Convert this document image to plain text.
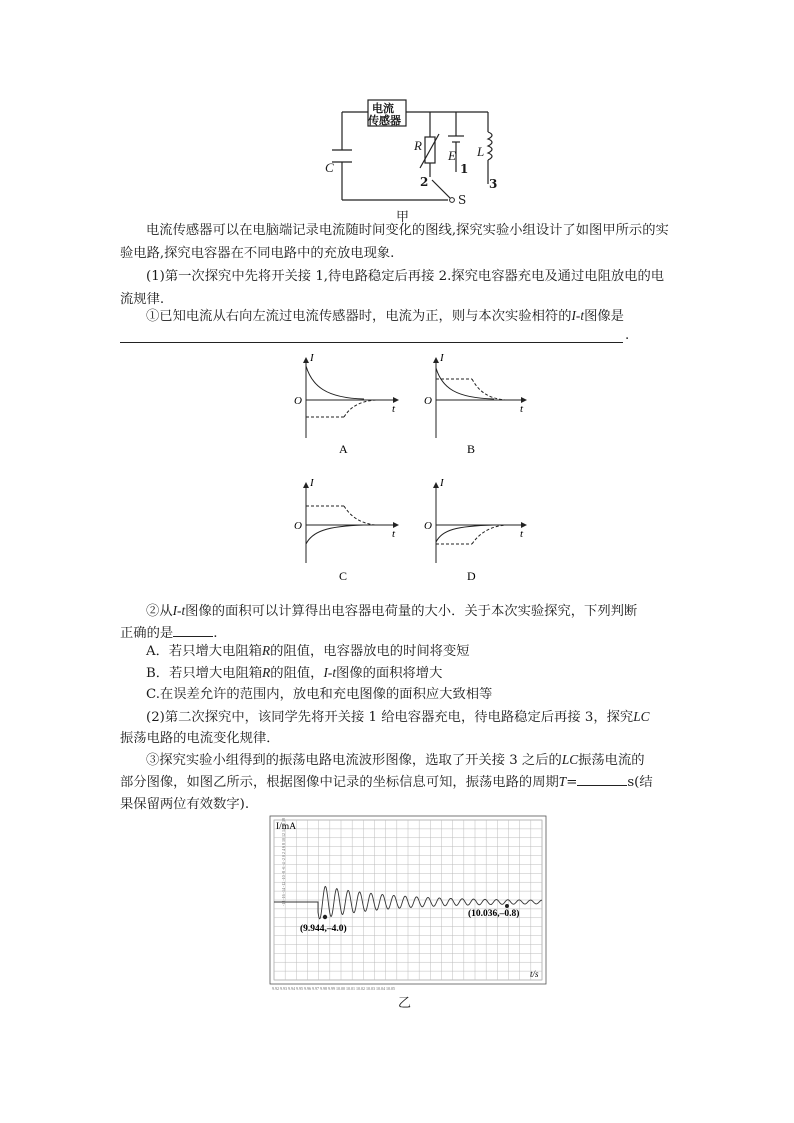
电流
传感器
C
R
E L
1
2	3
S
甲
电流传感器可以在电脑端记录电流随时间变化的图线,探究实验小组设计了如图甲所示的实验电路,探究电容器在不同电路中的充放电现象.
(1)第一次探究中先将开关接 1,待电路稳定后再接 2.探究电容器充电及通过电阻放电的电流规律.
①已知电流从右向左流过电流传感器时，电流为正，则与本次实验相符的I-t图像是
.
I
O
t
I
O
t
I
O
t
I
O
t
A	B
C	D
②从I-t图像的面积可以计算得出电容器电荷量的大小．关于本次实验探究，下列判断
正确的是	.
A．若只增大电阻箱R的阻值，电容器放电的时间将变短
B．若只增大电阻箱R的阻值，I-t图像的面积将增大
C.在误差允许的范围内，放电和充电图像的面积应大致相等
(2)第二次探究中，该同学先将开关接 1 给电容器充电，待电路稳定后再接 3，探究LC
振荡电路的电流变化规律．
③探究实验小组得到的振荡电路电流波形图像，选取了开关接 3 之后的LC振荡电流的
部分图像，如图乙所示，根据图像中记录的坐标信息可知，振荡电路的周期T=	s(结
果保留两位有效数字).
-18 -16 -14 -12 -10 -8 -6 -4 -2 0 2 4 6 8 10 12 14 16 18
9.92 9.93 9.94 9.95 9.96 9.97 9.98 9.99 10.00 10.01 10.02 10.03 10.04 10.05
I/mA
t/s
(9.944,–4.0)
(10.036,–0.8)
乙
